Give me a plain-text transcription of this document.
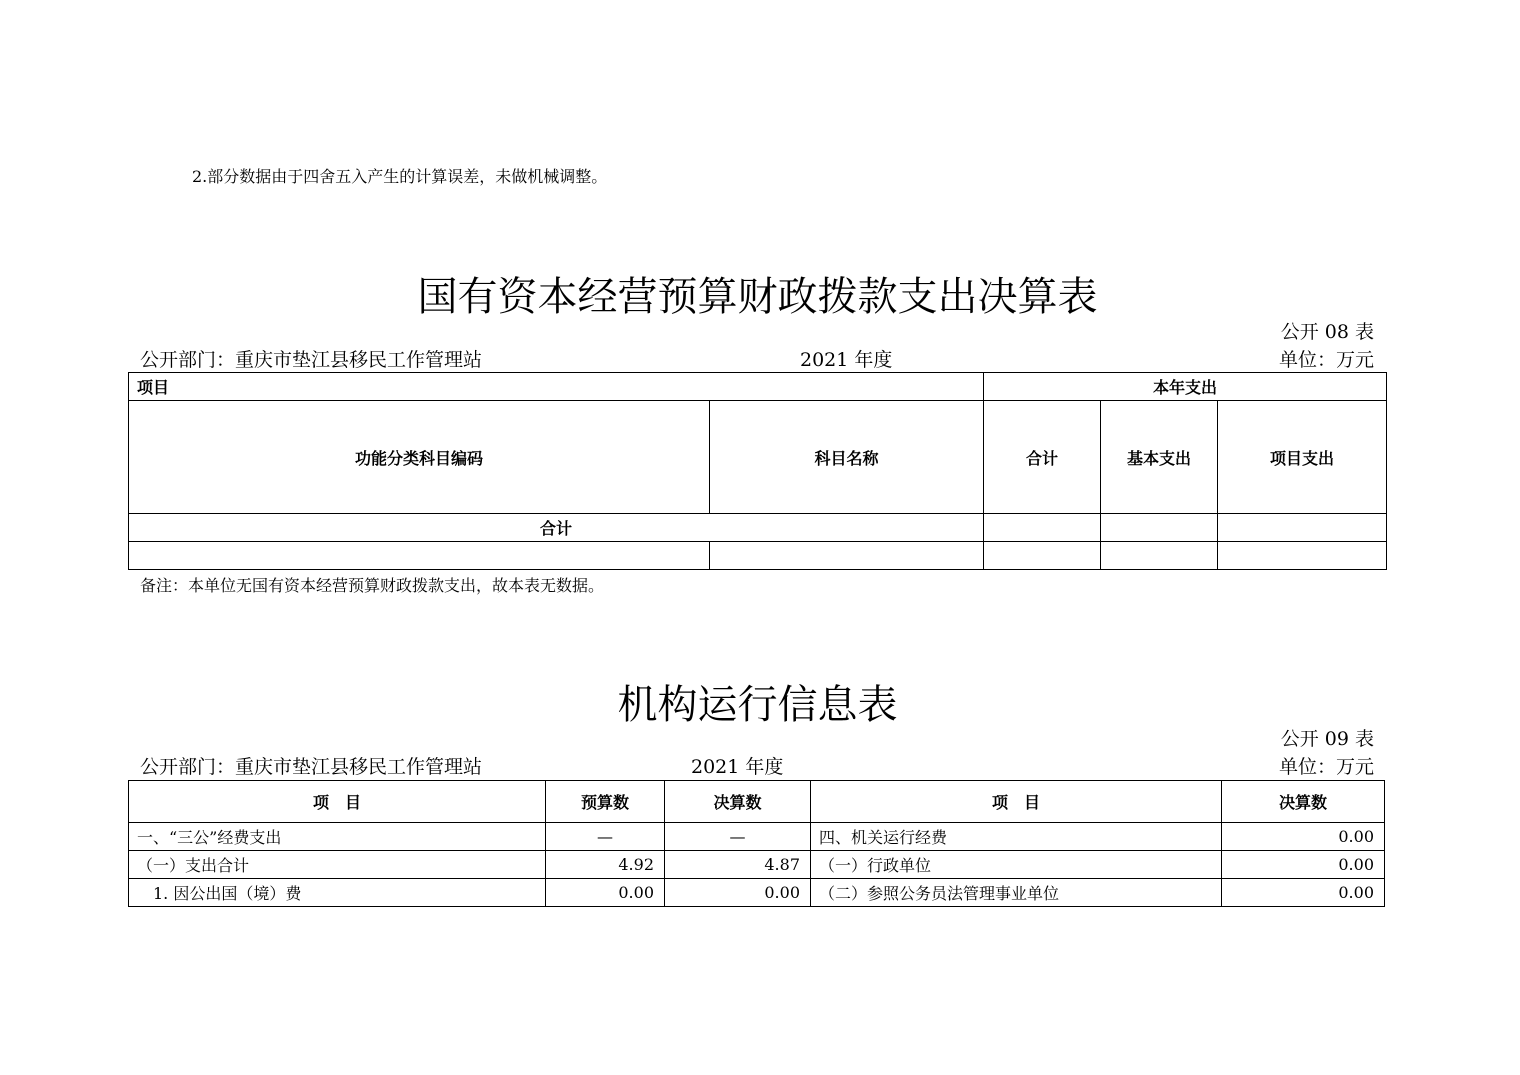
2.部分数据由于四舍五入产生的计算误差，未做机械调整。
国有资本经营预算财政拨款支出决算表
公开 08 表
公开部门：重庆市垫江县移民工作管理站	2021 年度	单位：万元
项目		本年支出		
功能分类科目编码	科目名称	合计	基本支出	项目支出
合计				

备注：本单位无国有资本经营预算财政拨款支出，故本表无数据。
机构运行信息表
公开 09 表
公开部门：重庆市垫江县移民工作管理站	2021 年度	单位：万元
项　目	预算数	决算数	项　目	决算数
一、“三公”经费支出	—	—	四、机关运行经费	0.00
（一）支出合计	4.92	4.87	（一）行政单位	0.00
　1. 因公出国（境）费	0.00	0.00	（二）参照公务员法管理事业单位	0.00
